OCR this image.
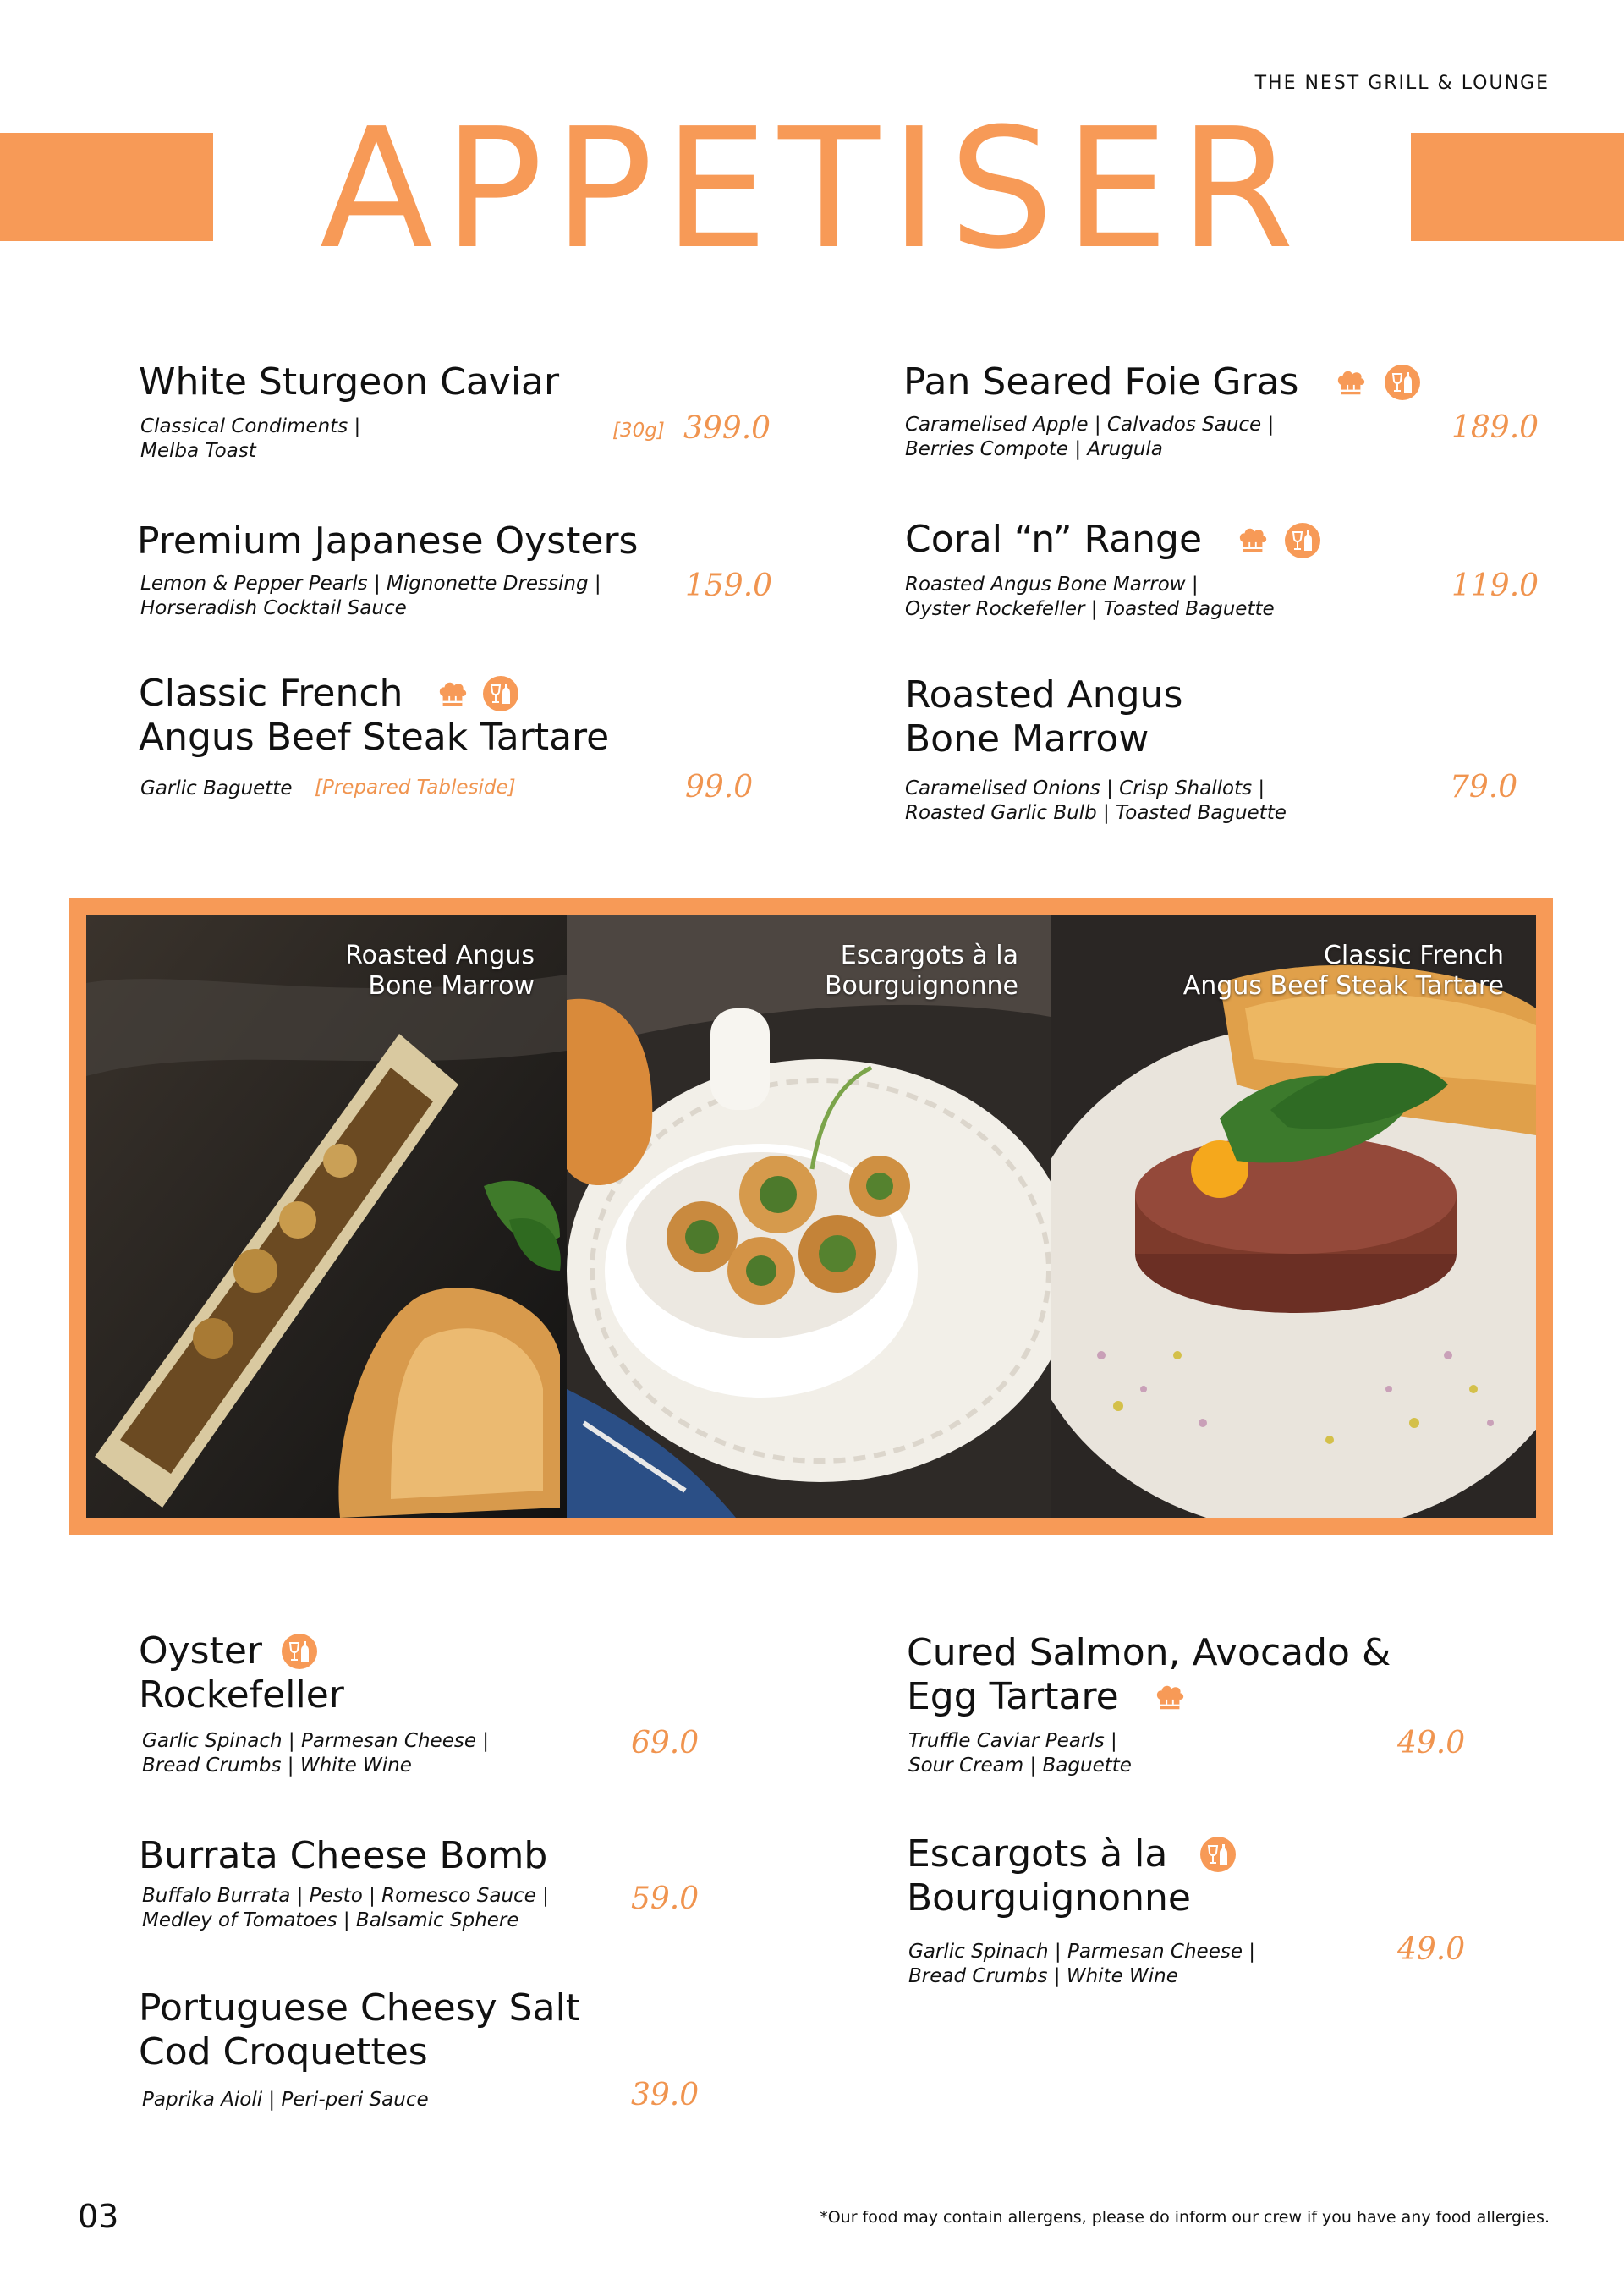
THE NEST GRILL & LOUNGE
APPETISER
White Sturgeon Caviar
Classical Condiments |
Melba Toast
[30g] 399.0
Pan Seared Foie Gras
Caramelised Apple | Calvados Sauce |
Berries Compote | Arugula
189.0
Premium Japanese Oysters
Lemon & Pepper Pearls | Mignonette Dressing |
Horseradish Cocktail Sauce
159.0
Coral “n” Range
Roasted Angus Bone Marrow |
Oyster Rockefeller | Toasted Baguette
119.0
Classic French
Angus Beef Steak Tartare
Garlic Baguette [Prepared Tableside]	99.0
Roasted Angus
Bone Marrow
Caramelised Onions | Crisp Shallots |
Roasted Garlic Bulb | Toasted Baguette
79.0
Roasted Angus
Bone Marrow
Escargots à la
Bourguignonne
Classic French
Angus Beef Steak Tartare
Oyster
Rockefeller
Garlic Spinach | Parmesan Cheese |
Bread Crumbs | White Wine
69.0
Cured Salmon, Avocado &
Egg Tartare
Truffle Caviar Pearls |
Sour Cream | Baguette
49.0
Burrata Cheese Bomb
Buffalo Burrata | Pesto | Romesco Sauce |
Medley of Tomatoes | Balsamic Sphere
59.0
Escargots à la
Bourguignonne
Garlic Spinach | Parmesan Cheese |
Bread Crumbs | White Wine
49.0
Portuguese Cheesy Salt
Cod Croquettes
Paprika Aioli | Peri-peri Sauce	39.0
03	*Our food may contain allergens, please do inform our crew if you have any food allergies.
